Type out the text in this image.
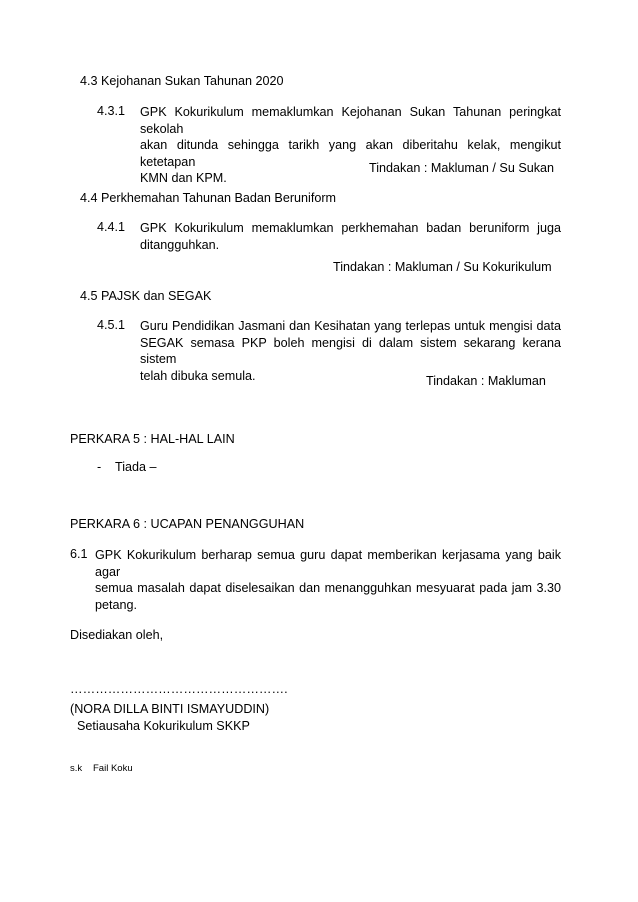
4.3 Kejohanan Sukan Tahunan 2020
4.3.1 GPK Kokurikulum memaklumkan Kejohanan Sukan Tahunan peringkat sekolah
akan ditunda sehingga tarikh yang akan diberitahu kelak, mengikut ketetapan
KMN dan KPM.
Tindakan : Makluman / Su Sukan
4.4 Perkhemahan Tahunan Badan Beruniform
4.4.1 GPK Kokurikulum memaklumkan perkhemahan badan beruniform juga
ditangguhkan.
Tindakan : Makluman / Su Kokurikulum
4.5 PAJSK dan SEGAK
4.5.1 Guru Pendidikan Jasmani dan Kesihatan yang terlepas untuk mengisi data
SEGAK semasa PKP boleh mengisi di dalam sistem sekarang kerana sistem
telah dibuka semula.	Tindakan : Makluman
PERKARA 5 : HAL-HAL LAIN
- Tiada –
PERKARA 6 : UCAPAN PENANGGUHAN
6.1 GPK Kokurikulum berharap semua guru dapat memberikan kerjasama yang baik agar
semua masalah dapat diselesaikan dan menangguhkan mesyuarat pada jam 3.30
petang.
Disediakan oleh,
…………………………………………….
(NORA DILLA BINTI ISMAYUDDIN)
Setiausaha Kokurikulum SKKP
s.k Fail Koku
